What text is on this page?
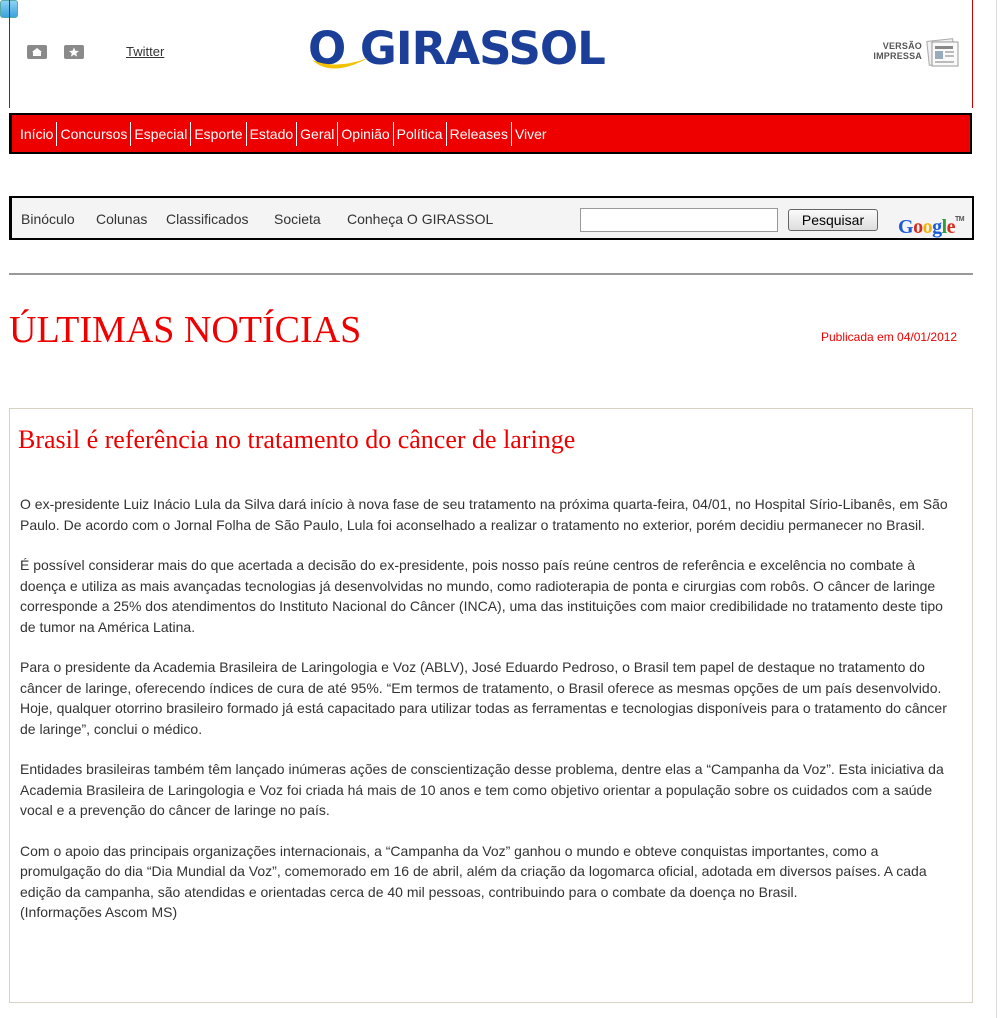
Twitter	O GIRASSOL	VERSÃO
IMPRESSA
Início Concursos Especial Esporte Estado Geral Opinião Política Releases Viver
Binóculo Colunas Classificados Societa Conheça O GIRASSOL	Pesquisar	Google™
ÚLTIMAS NOTÍCIAS	Publicada em 04/01/2012
Brasil é referência no tratamento do câncer de laringe

O ex-presidente Luiz Inácio Lula da Silva dará início à nova fase de seu tratamento na próxima quarta-feira, 04/01, no Hospital Sírio-Libanês, em São Paulo. De acordo com o Jornal Folha de São Paulo, Lula foi aconselhado a realizar o tratamento no exterior, porém decidiu permanecer no Brasil.

É possível considerar mais do que acertada a decisão do ex-presidente, pois nosso país reúne centros de referência e excelência no combate à doença e utiliza as mais avançadas tecnologias já desenvolvidas no mundo, como radioterapia de ponta e cirurgias com robôs. O câncer de laringe corresponde a 25% dos atendimentos do Instituto Nacional do Câncer (INCA), uma das instituições com maior credibilidade no tratamento deste tipo de tumor na América Latina.

Para o presidente da Academia Brasileira de Laringologia e Voz (ABLV), José Eduardo Pedroso, o Brasil tem papel de destaque no tratamento do câncer de laringe, oferecendo índices de cura de até 95%. “Em termos de tratamento, o Brasil oferece as mesmas opções de um país desenvolvido. Hoje, qualquer otorrino brasileiro formado já está capacitado para utilizar todas as ferramentas e tecnologias disponíveis para o tratamento do câncer de laringe”, conclui o médico.

Entidades brasileiras também têm lançado inúmeras ações de conscientização desse problema, dentre elas a “Campanha da Voz”. Esta iniciativa da Academia Brasileira de Laringologia e Voz foi criada há mais de 10 anos e tem como objetivo orientar a população sobre os cuidados com a saúde vocal e a prevenção do câncer de laringe no país.

Com o apoio das principais organizações internacionais, a “Campanha da Voz” ganhou o mundo e obteve conquistas importantes, como a promulgação do dia “Dia Mundial da Voz”, comemorado em 16 de abril, além da criação da logomarca oficial, adotada em diversos países. A cada edição da campanha, são atendidas e orientadas cerca de 40 mil pessoas, contribuindo para o combate da doença no Brasil.

(Informações Ascom MS)
